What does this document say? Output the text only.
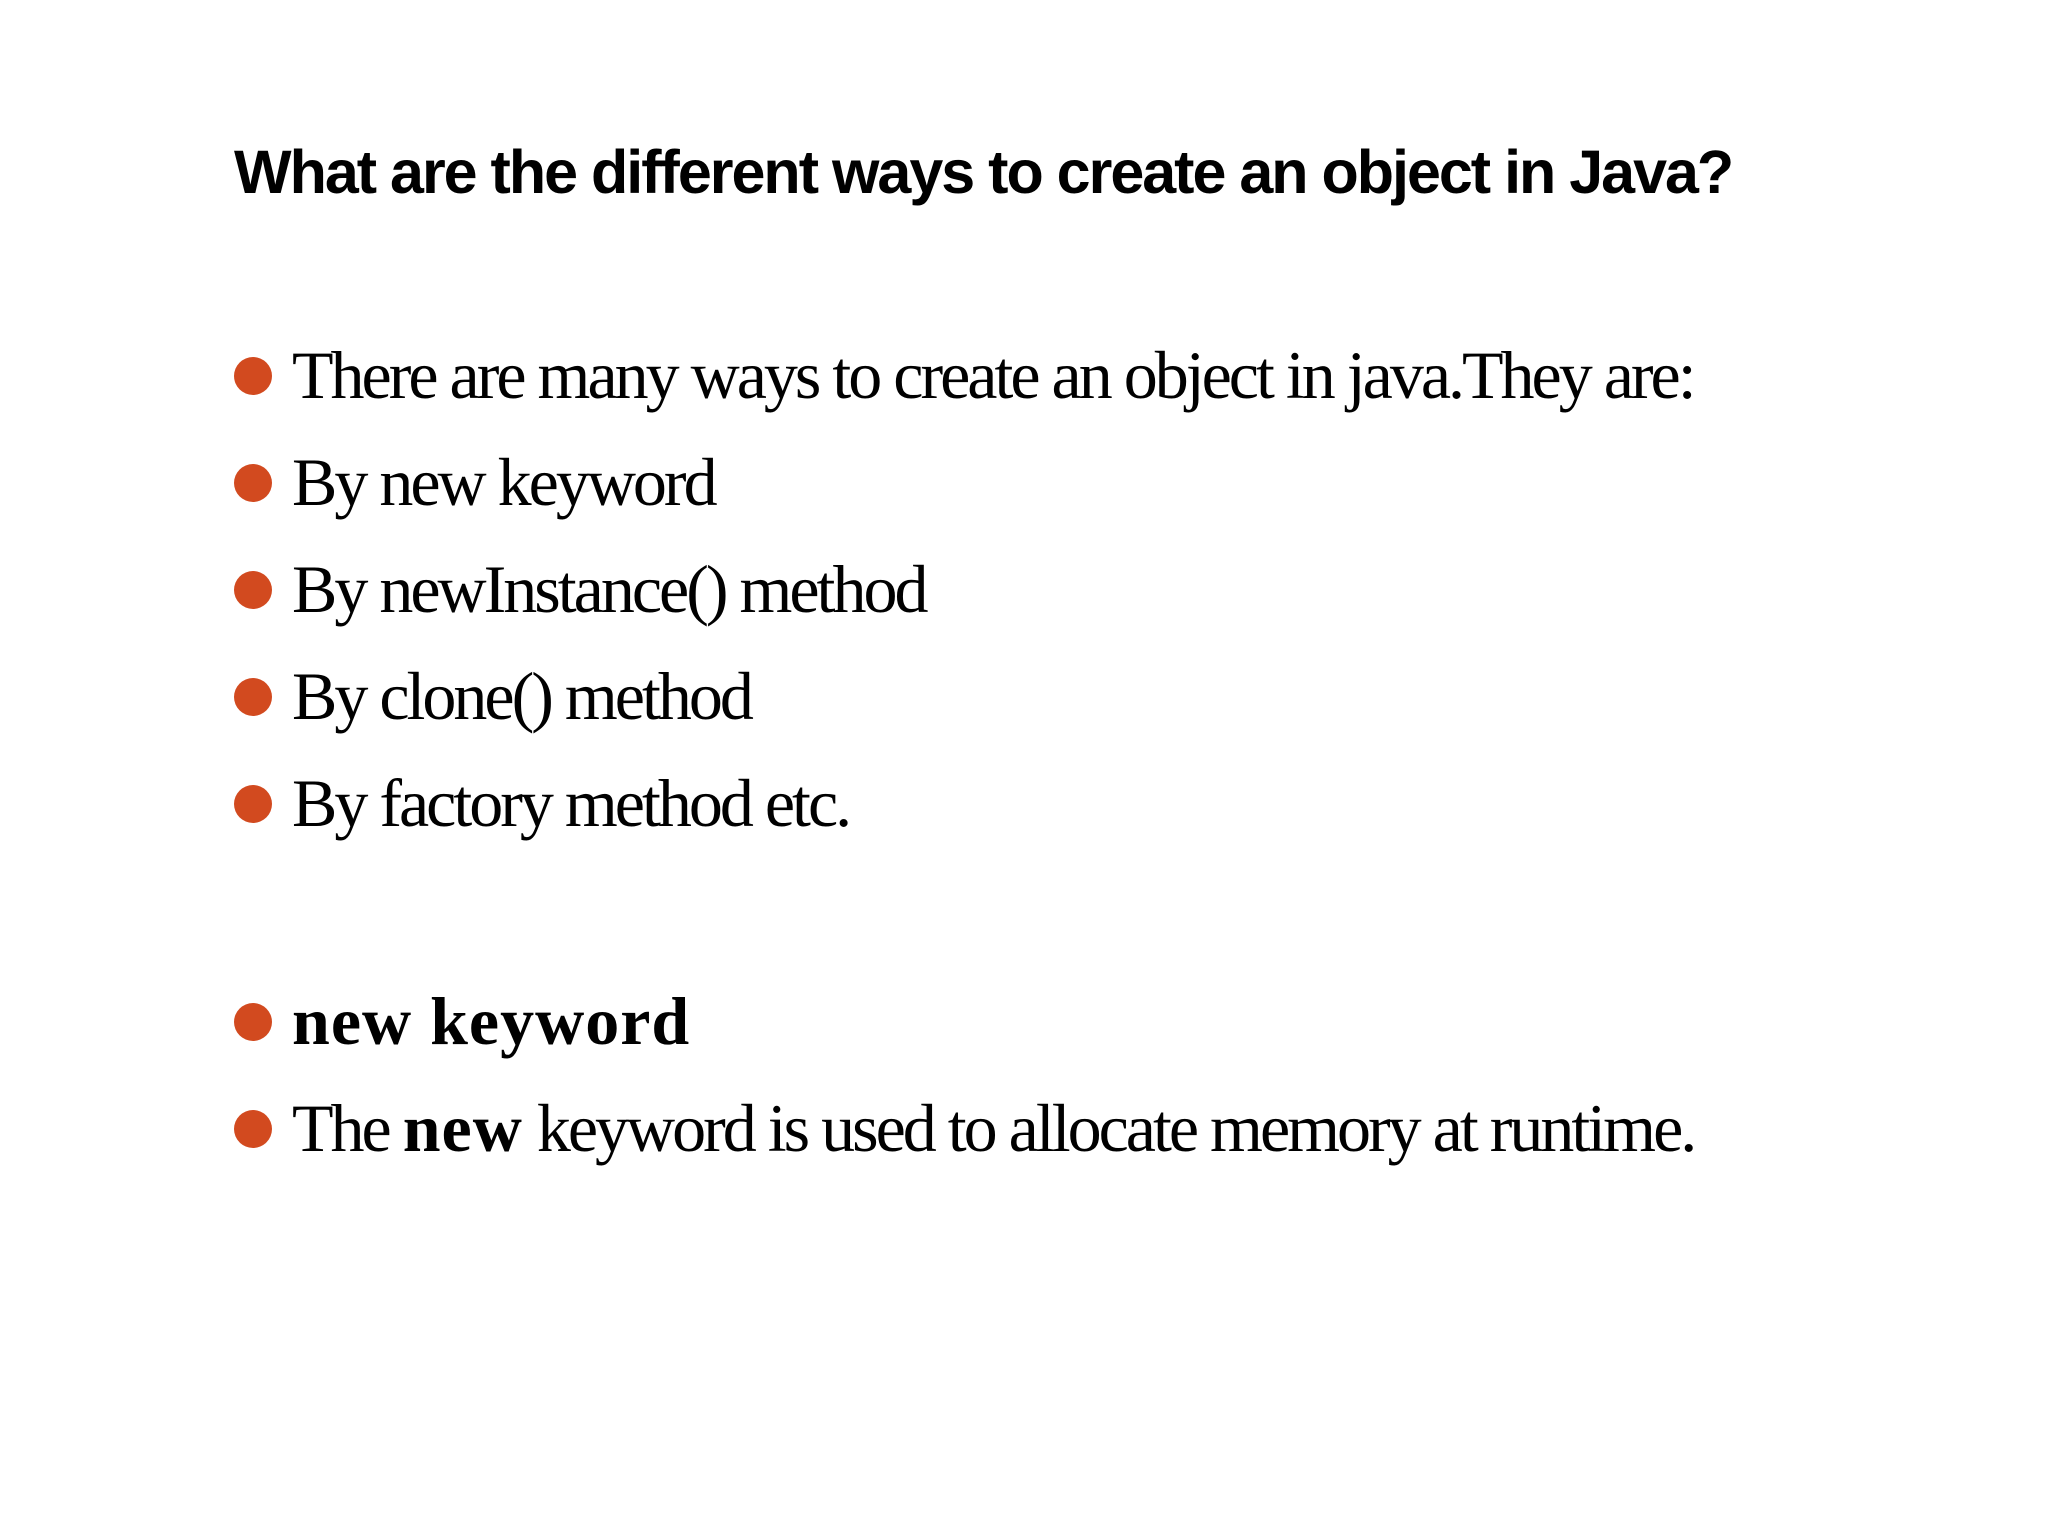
What are the different ways to create an object in Java?
There are many ways to create an object in java.They are:
By new keyword
By newInstance() method
By clone() method
By factory method etc.
new keyword
The new keyword is used to allocate memory at runtime.
